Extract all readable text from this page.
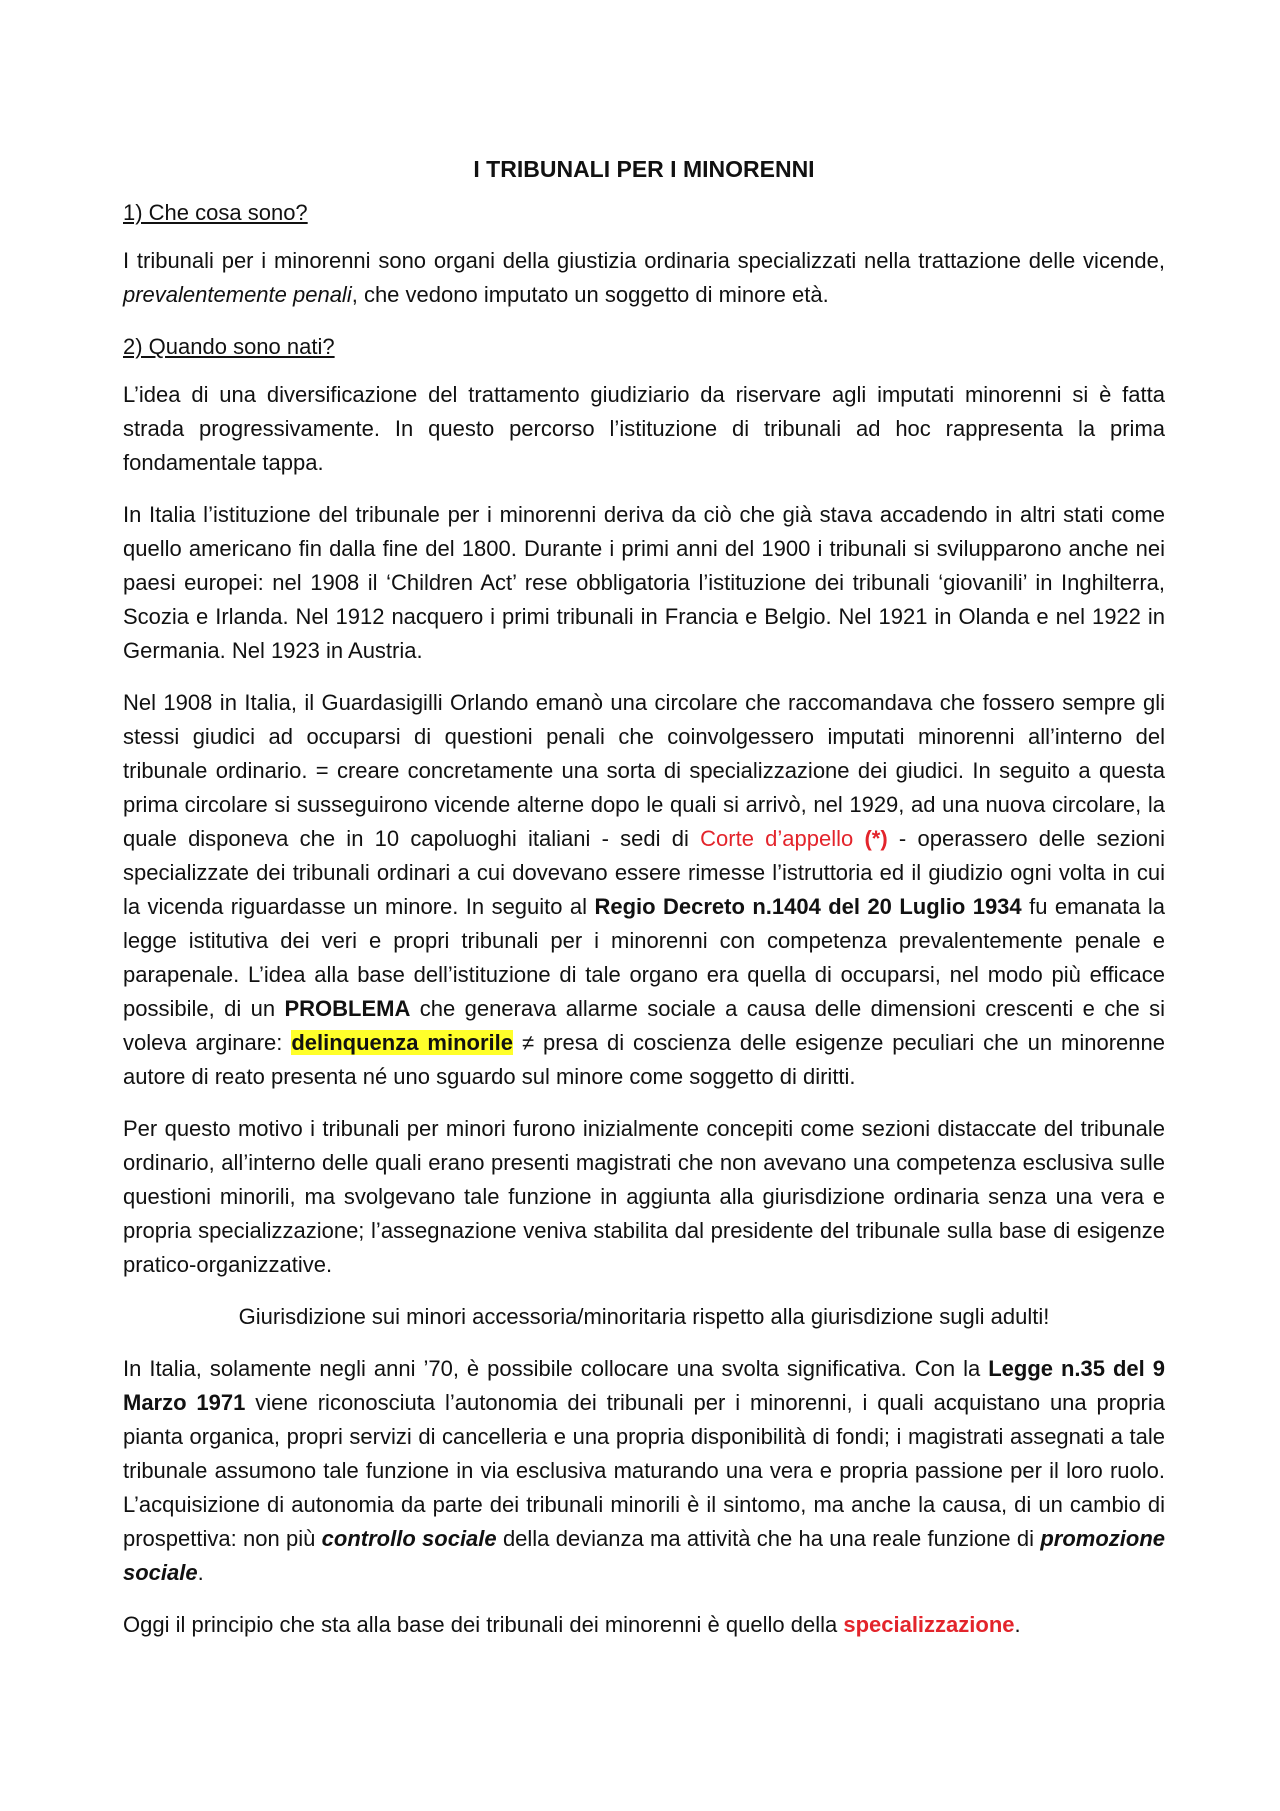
I TRIBUNALI PER I MINORENNI
1) Che cosa sono?

I tribunali per i minorenni sono organi della giustizia ordinaria specializzati nella trattazione delle vicende, prevalentemente penali, che vedono imputato un soggetto di minore età.

2) Quando sono nati?

L’idea di una diversificazione del trattamento giudiziario da riservare agli imputati minorenni si è fatta strada progressivamente. In questo percorso l’istituzione di tribunali ad hoc rappresenta la prima fondamentale tappa.

In Italia l’istituzione del tribunale per i minorenni deriva da ciò che già stava accadendo in altri stati come quello americano fin dalla fine del 1800. Durante i primi anni del 1900 i tribunali si svilupparono anche nei paesi europei: nel 1908 il ‘Children Act’ rese obbligatoria l’istituzione dei tribunali ‘giovanili’ in Inghilterra, Scozia e Irlanda. Nel 1912 nacquero i primi tribunali in Francia e Belgio. Nel 1921 in Olanda e nel 1922 in Germania. Nel 1923 in Austria.

Nel 1908 in Italia, il Guardasigilli Orlando emanò una circolare che raccomandava che fossero sempre gli stessi giudici ad occuparsi di questioni penali che coinvolgessero imputati minorenni all’interno del tribunale ordinario. = creare concretamente una sorta di specializzazione dei giudici. In seguito a questa prima circolare si susseguirono vicende alterne dopo le quali si arrivò, nel 1929, ad una nuova circolare, la quale disponeva che in 10 capoluoghi italiani - sedi di Corte d’appello (*) - operassero delle sezioni specializzate dei tribunali ordinari a cui dovevano essere rimesse l’istruttoria ed il giudizio ogni volta in cui la vicenda riguardasse un minore. In seguito al Regio Decreto n.1404 del 20 Luglio 1934 fu emanata la legge istitutiva dei veri e propri tribunali per i minorenni con competenza prevalentemente penale e parapenale. L’idea alla base dell’istituzione di tale organo era quella di occuparsi, nel modo più efficace possibile, di un PROBLEMA che generava allarme sociale a causa delle dimensioni crescenti e che si voleva arginare: delinquenza minorile ≠ presa di coscienza delle esigenze peculiari che un minorenne autore di reato presenta né uno sguardo sul minore come soggetto di diritti.

Per questo motivo i tribunali per minori furono inizialmente concepiti come sezioni distaccate del tribunale ordinario, all’interno delle quali erano presenti magistrati che non avevano una competenza esclusiva sulle questioni minorili, ma svolgevano tale funzione in aggiunta alla giurisdizione ordinaria senza una vera e propria specializzazione; l’assegnazione veniva stabilita dal presidente del tribunale sulla base di esigenze pratico-organizzative.

Giurisdizione sui minori accessoria/minoritaria rispetto alla giurisdizione sugli adulti!

In Italia, solamente negli anni ’70, è possibile collocare una svolta significativa. Con la Legge n.35 del 9 Marzo 1971 viene riconosciuta l’autonomia dei tribunali per i minorenni, i quali acquistano una propria pianta organica, propri servizi di cancelleria e una propria disponibilità di fondi; i magistrati assegnati a tale tribunale assumono tale funzione in via esclusiva maturando una vera e propria passione per il loro ruolo. L’acquisizione di autonomia da parte dei tribunali minorili è il sintomo, ma anche la causa, di un cambio di prospettiva: non più controllo sociale della devianza ma attività che ha una reale funzione di promozione sociale.

Oggi il principio che sta alla base dei tribunali dei minorenni è quello della specializzazione.
